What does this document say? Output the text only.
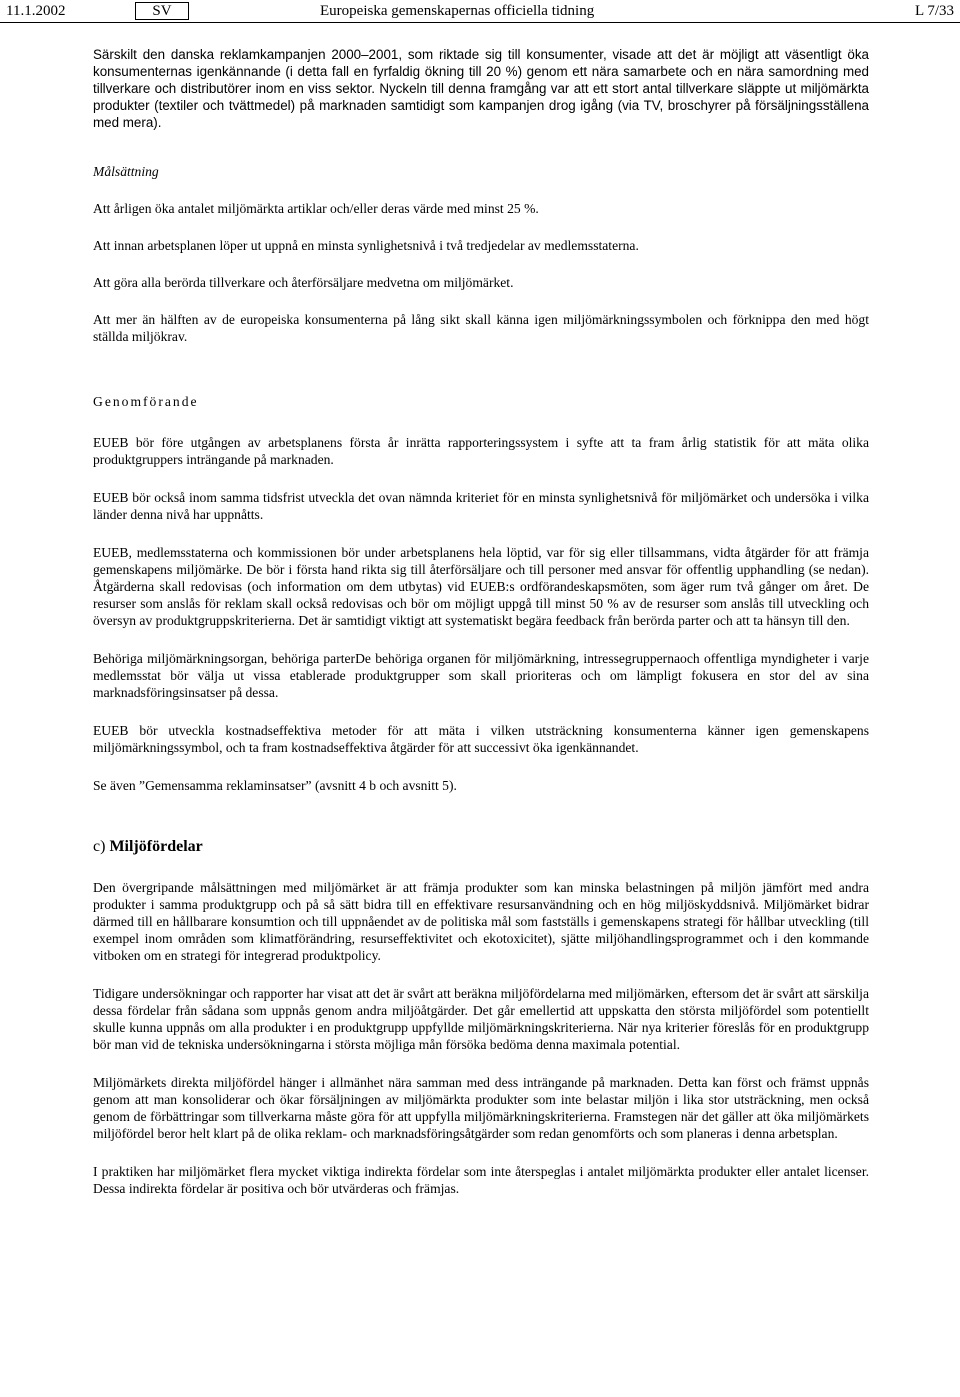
11.1.2002	SV	Europeiska gemenskapernas officiella tidning	L 7/33

Särskilt den danska reklamkampanjen 2000–2001, som riktade sig till konsumenter, visade att det är möjligt att väsentligt öka konsumenternas igenkännande (i detta fall en fyrfaldig ökning till 20 %) genom ett nära samarbete och en nära samordning med tillverkare och distributörer inom en viss sektor. Nyckeln till denna framgång var att ett stort antal tillverkare släppte ut miljömärkta produkter (textiler och tvättmedel) på marknaden samtidigt som kampanjen drog igång (via TV, broschyrer på försäljningsställena med mera).

Målsättning

Att årligen öka antalet miljömärkta artiklar och/eller deras värde med minst 25 %.

Att innan arbetsplanen löper ut uppnå en minsta synlighetsnivå i två tredjedelar av medlemsstaterna.

Att göra alla berörda tillverkare och återförsäljare medvetna om miljömärket.

Att mer än hälften av de europeiska konsumenterna på lång sikt skall känna igen miljömärkningssymbolen och förknippa den med högt ställda miljökrav.

Genomförande

EUEB bör före utgången av arbetsplanens första år inrätta rapporteringssystem i syfte att ta fram årlig statistik för att mäta olika produktgruppers inträngande på marknaden.

EUEB bör också inom samma tidsfrist utveckla det ovan nämnda kriteriet för en minsta synlighetsnivå för miljömärket och undersöka i vilka länder denna nivå har uppnåtts.

EUEB, medlemsstaterna och kommissionen bör under arbetsplanens hela löptid, var för sig eller tillsammans, vidta åtgärder för att främja gemenskapens miljömärke. De bör i första hand rikta sig till återförsäljare och till personer med ansvar för offentlig upphandling (se nedan). Åtgärderna skall redovisas (och information om dem utbytas) vid EUEB:s ordförandeskapsmöten, som äger rum två gånger om året. De resurser som anslås för reklam skall också redovisas och bör om möjligt uppgå till minst 50 % av de resurser som anslås till utveckling och översyn av produktgruppskriterierna. Det är samtidigt viktigt att systematiskt begära feedback från berörda parter och att ta hänsyn till den.

Behöriga miljömärkningsorgan, behöriga parterDe behöriga organen för miljömärkning, intressegruppernaoch offentliga myndigheter i varje medlemsstat bör välja ut vissa etablerade produktgrupper som skall prioriteras och om lämpligt fokusera en stor del av sina marknadsföringsinsatser på dessa.

EUEB bör utveckla kostnadseffektiva metoder för att mäta i vilken utsträckning konsumenterna känner igen gemenskapens miljömärkningssymbol, och ta fram kostnadseffektiva åtgärder för att successivt öka igenkännandet.

Se även ”Gemensamma reklaminsatser” (avsnitt 4 b och avsnitt 5).

c) Miljöfördelar

Den övergripande målsättningen med miljömärket är att främja produkter som kan minska belastningen på miljön jämfört med andra produkter i samma produktgrupp och på så sätt bidra till en effektivare resursanvändning och en hög miljöskyddsnivå. Miljömärket bidrar därmed till en hållbarare konsumtion och till uppnåendet av de politiska mål som fastställs i gemenskapens strategi för hållbar utveckling (till exempel inom områden som klimatförändring, resurseffektivitet och ekotoxicitet), sjätte miljöhandlingsprogrammet och i den kommande vitboken om en strategi för integrerad produktpolicy.

Tidigare undersökningar och rapporter har visat att det är svårt att beräkna miljöfördelarna med miljömärken, eftersom det är svårt att särskilja dessa fördelar från sådana som uppnås genom andra miljöåtgärder. Det går emellertid att uppskatta den största miljöfördel som potentiellt skulle kunna uppnås om alla produkter i en produktgrupp uppfyllde miljömärkningskriterierna. När nya kriterier föreslås för en produktgrupp bör man vid de tekniska undersökningarna i största möjliga mån försöka bedöma denna maximala potential.

Miljömärkets direkta miljöfördel hänger i allmänhet nära samman med dess inträngande på marknaden. Detta kan först och främst uppnås genom att man konsoliderar och ökar försäljningen av miljömärkta produkter som inte belastar miljön i lika stor utsträckning, men också genom de förbättringar som tillverkarna måste göra för att uppfylla miljömärkningskriterierna. Framstegen när det gäller att öka miljömärkets miljöfördel beror helt klart på de olika reklam- och marknadsföringsåtgärder som redan genomförts och som planeras i denna arbetsplan.

I praktiken har miljömärket flera mycket viktiga indirekta fördelar som inte återspeglas i antalet miljömärkta produkter eller antalet licenser. Dessa indirekta fördelar är positiva och bör utvärderas och främjas.
